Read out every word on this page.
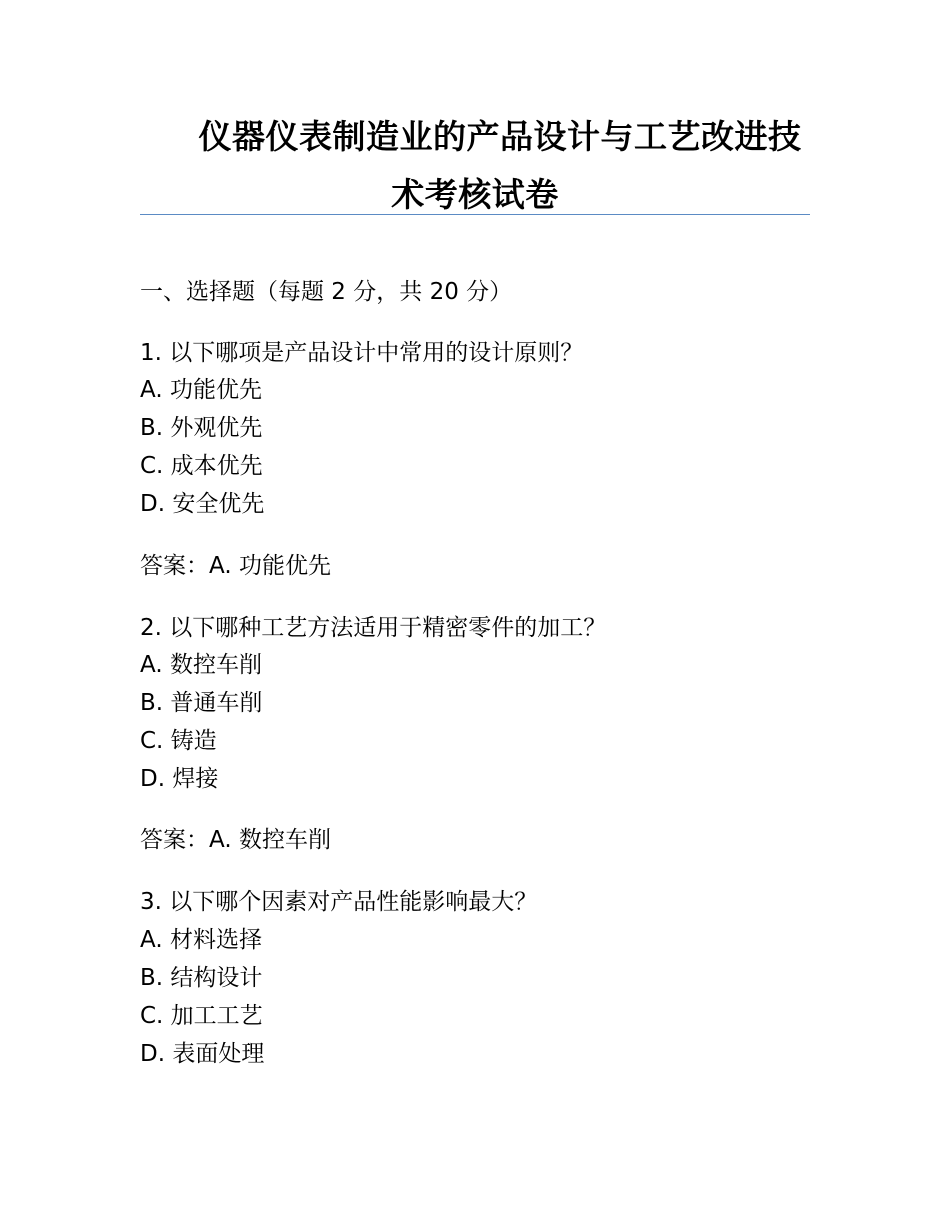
仪器仪表制造业的产品设计与工艺改进技
术考核试卷
一、选择题（每题 2 分，共 20 分）
1. 以下哪项是产品设计中常用的设计原则？
A. 功能优先
B. 外观优先
C. 成本优先
D. 安全优先
答案：A. 功能优先
2. 以下哪种工艺方法适用于精密零件的加工？
A. 数控车削
B. 普通车削
C. 铸造
D. 焊接
答案：A. 数控车削
3. 以下哪个因素对产品性能影响最大？
A. 材料选择
B. 结构设计
C. 加工工艺
D. 表面处理
